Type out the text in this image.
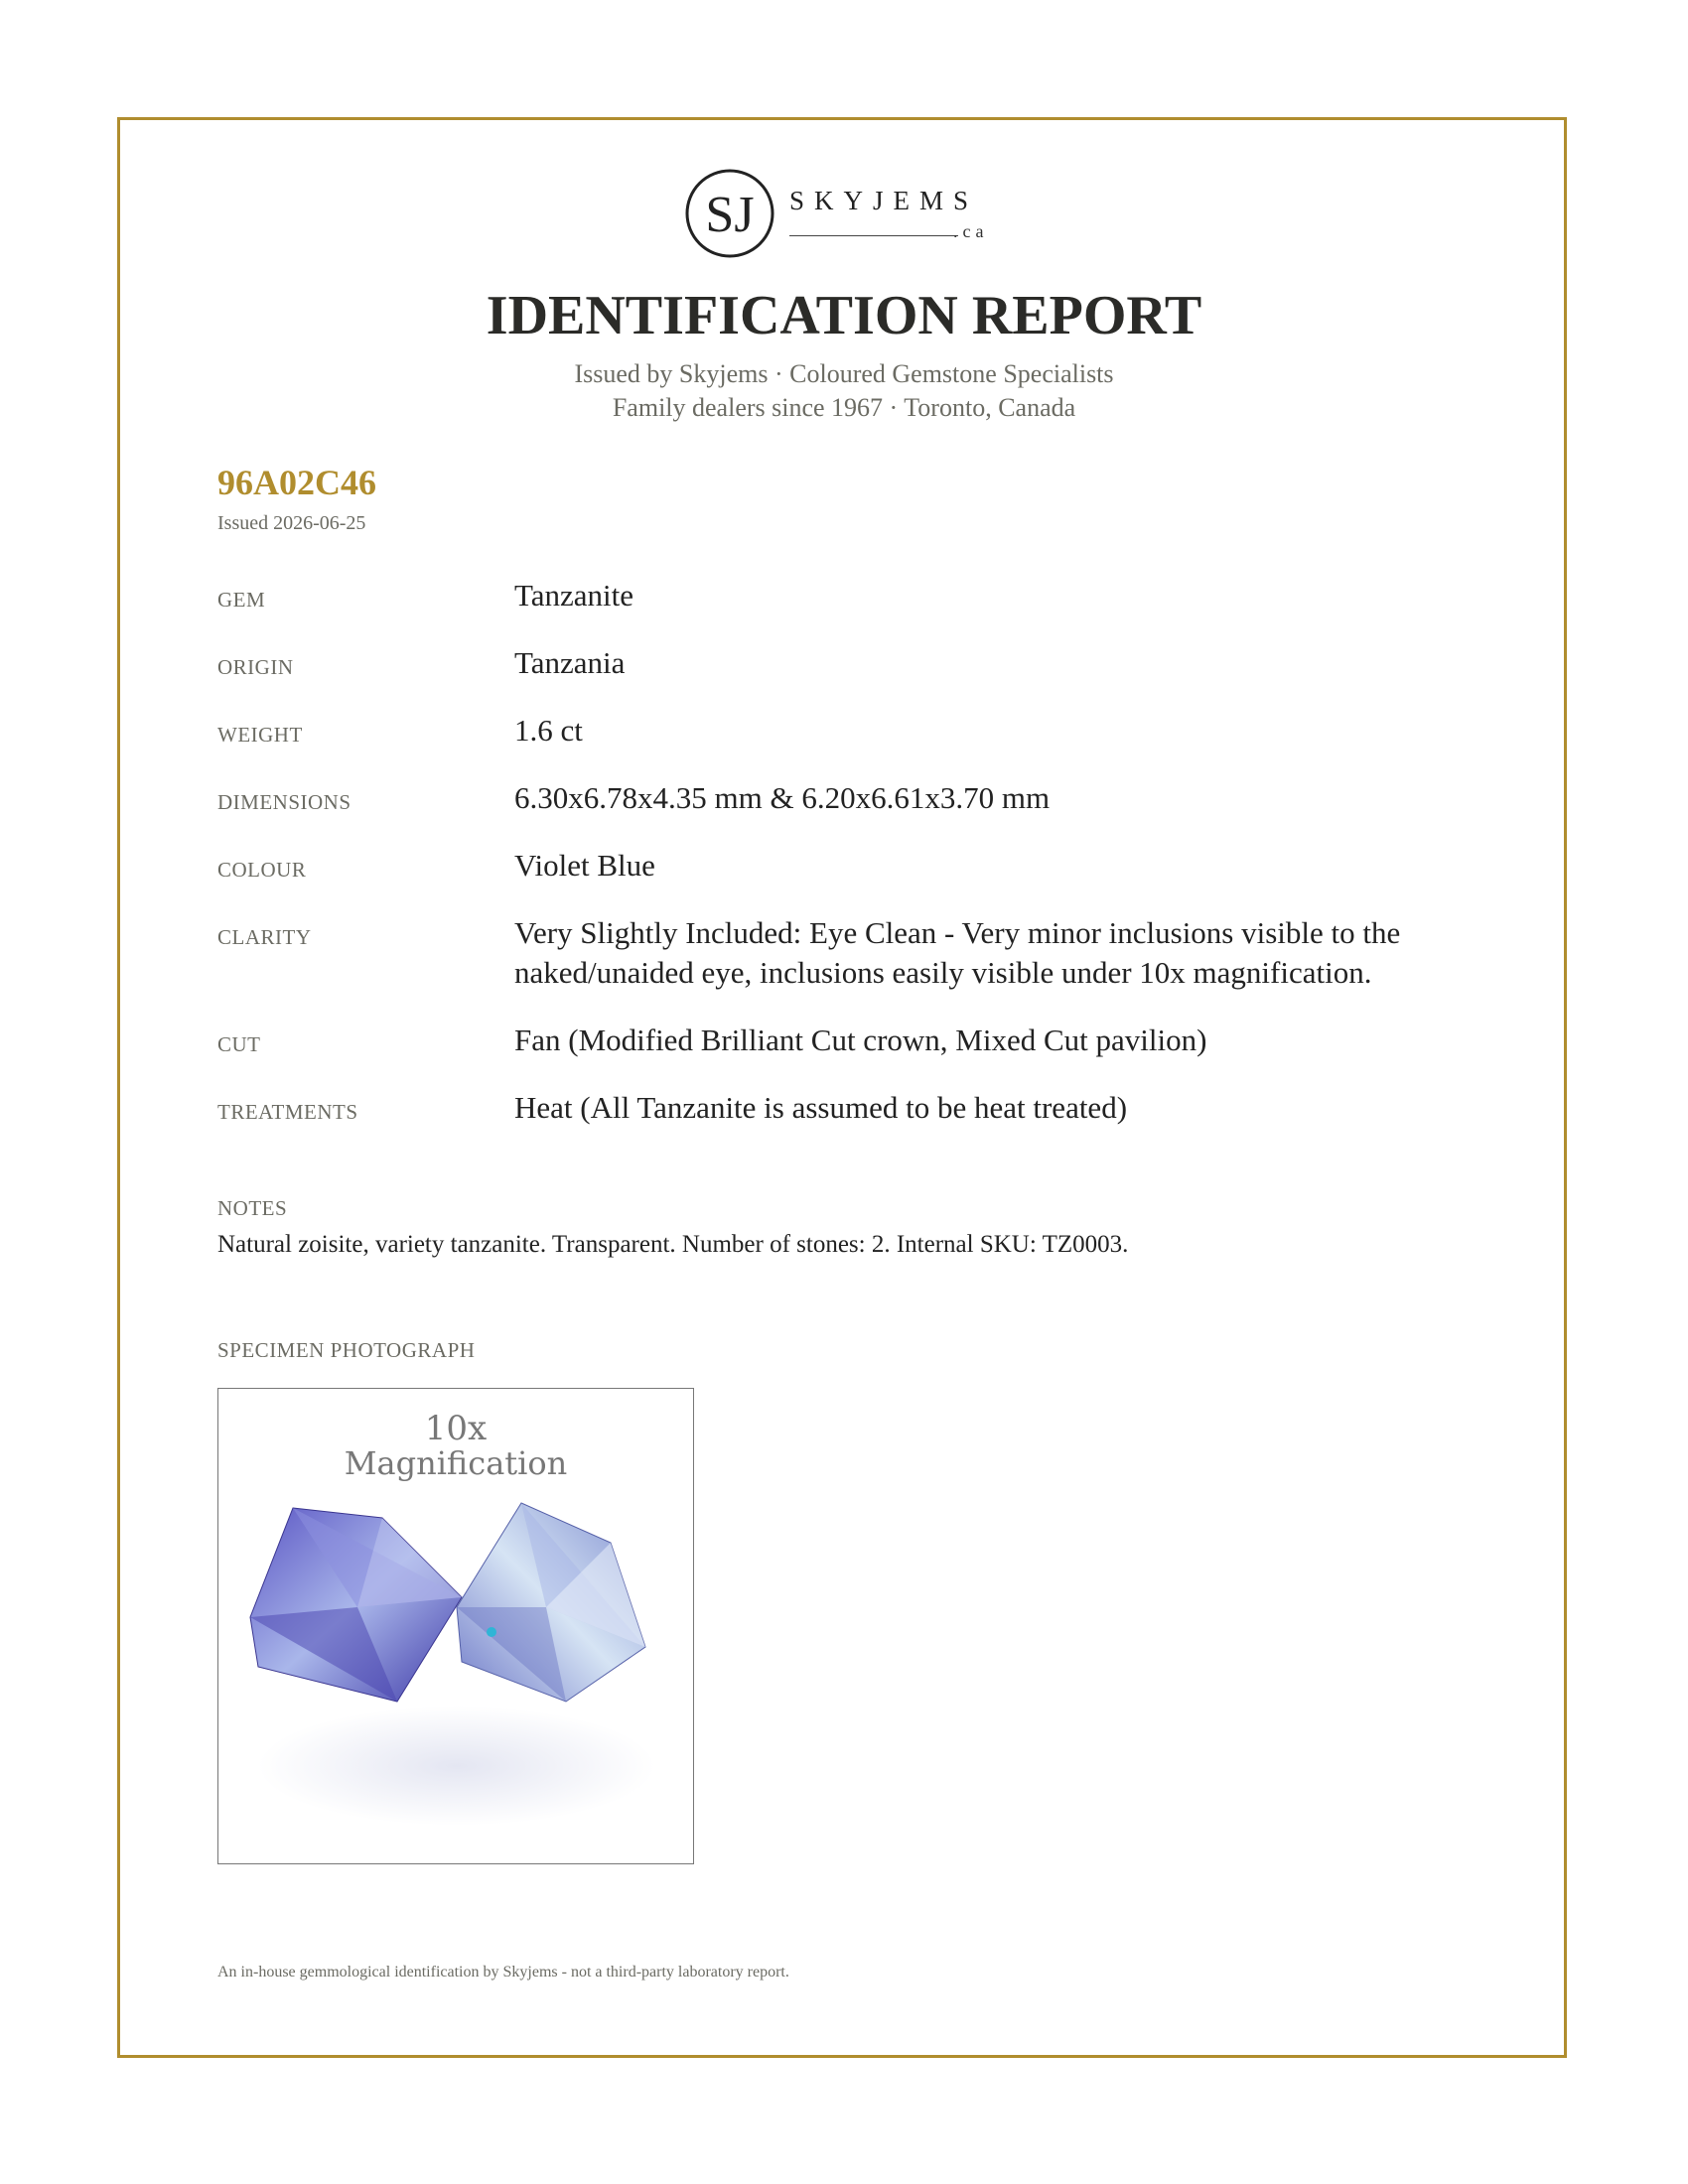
SJ SKYJEMS
.ca
IDENTIFICATION REPORT
Issued by Skyjems · Coloured Gemstone Specialists
Family dealers since 1967 · Toronto, Canada
96A02C46
Issued 2026-06-25
GEM	Tanzanite
ORIGIN	Tanzania
WEIGHT	1.6 ct
DIMENSIONS	6.30x6.78x4.35 mm & 6.20x6.61x3.70 mm
COLOUR	Violet Blue
CLARITY	Very Slightly Included: Eye Clean - Very minor inclusions visible to the naked/unaided eye, inclusions easily visible under 10x magnification.
CUT	Fan (Modified Brilliant Cut crown, Mixed Cut pavilion)
TREATMENTS	Heat (All Tanzanite is assumed to be heat treated)
NOTES
Natural zoisite, variety tanzanite. Transparent. Number of stones: 2. Internal SKU: TZ0003.
SPECIMEN PHOTOGRAPH
10x
Magnification
An in-house gemmological identification by Skyjems - not a third-party laboratory report.
